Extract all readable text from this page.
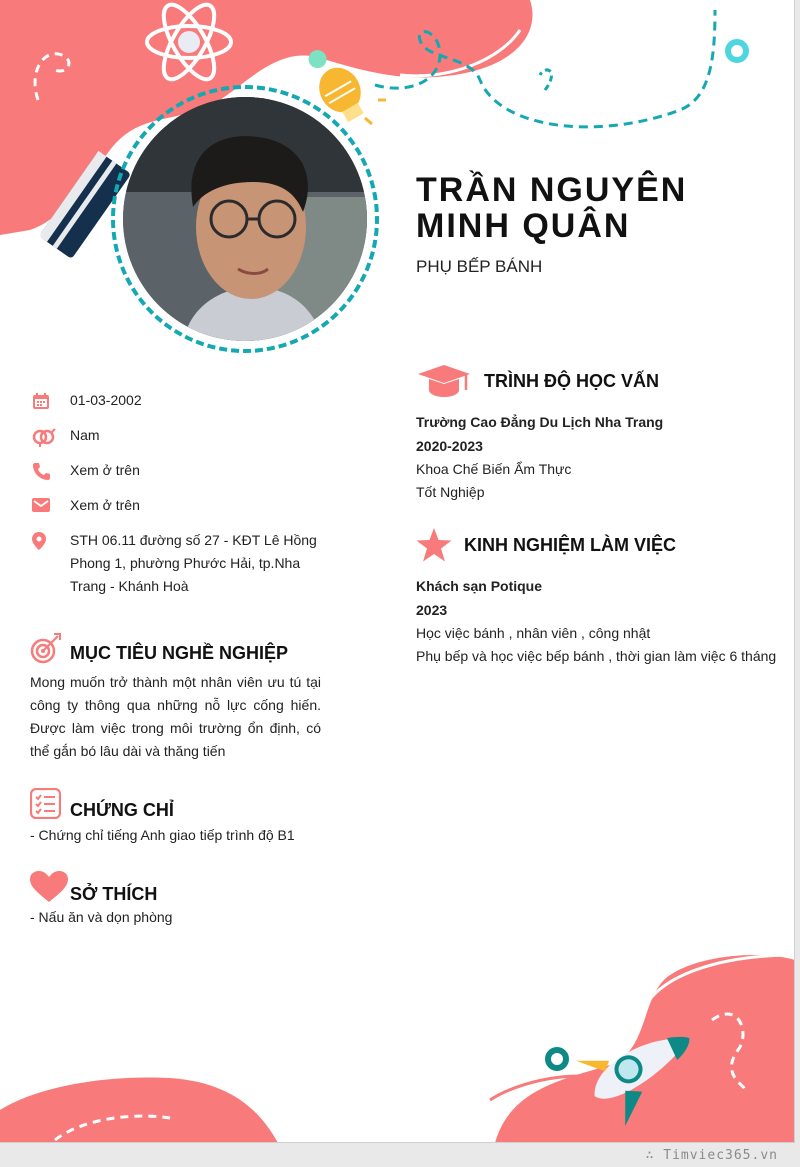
TRẦN NGUYÊN MINH QUÂN
PHỤ BẾP BÁNH
01-03-2002
Nam
Xem ở trên
Xem ở trên
STH 06.11 đường số 27 - KĐT Lê Hồng Phong 1, phường Phước Hải, tp.Nha Trang - Khánh Hoà
MỤC TIÊU NGHỀ NGHIỆP
Mong muốn trở thành một nhân viên ưu tú tại công ty thông qua những nỗ lực cống hiến. Được làm việc trong môi trường ổn định, có thể gắn bó lâu dài và thăng tiến
CHỨNG CHỈ
- Chứng chỉ tiếng Anh giao tiếp trình độ B1
SỞ THÍCH
- Nấu ăn và dọn phòng
TRÌNH ĐỘ HỌC VẤN
Trường Cao Đẳng Du Lịch Nha Trang
2020-2023
Khoa Chế Biến Ẩm Thực
Tốt Nghiệp
KINH NGHIỆM LÀM VIỆC
Khách sạn Potique
2023
Học việc bánh , nhân viên , công nhật
Phụ bếp và học việc bếp bánh , thời gian làm việc 6 tháng
∴ Timviec365.vn
